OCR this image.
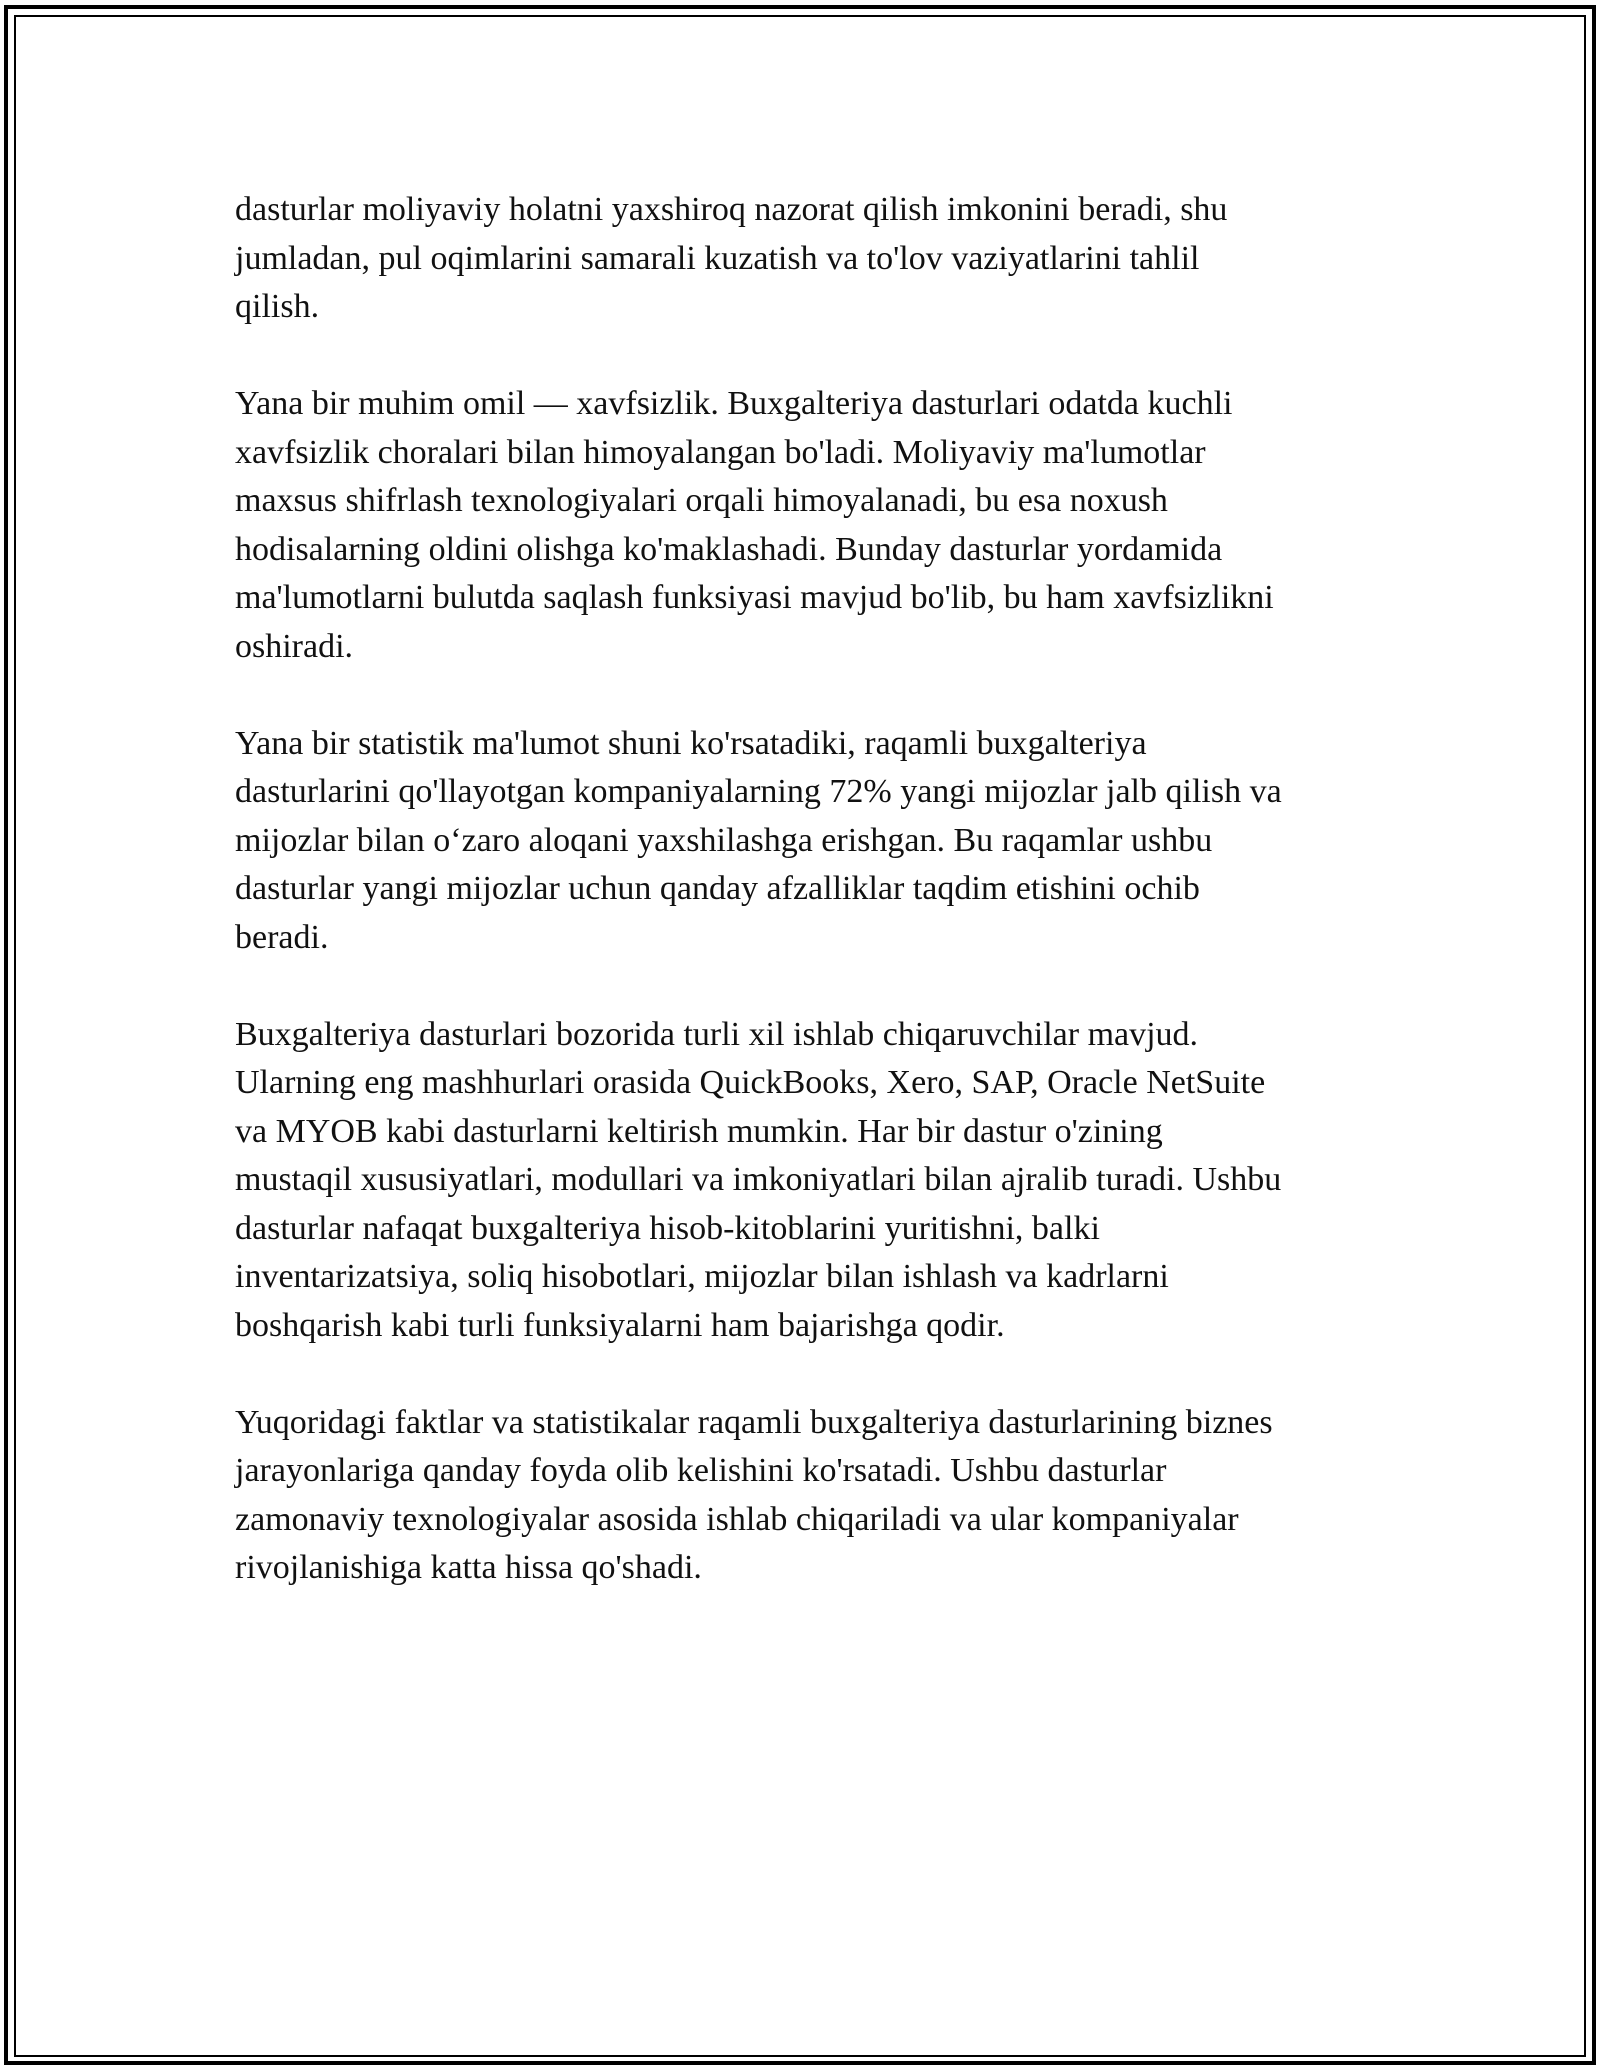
dasturlar moliyaviy holatni yaxshiroq nazorat qilish imkonini beradi, shu
jumladan, pul oqimlarini samarali kuzatish va to'lov vaziyatlarini tahlil
qilish.

Yana bir muhim omil — xavfsizlik. Buxgalteriya dasturlari odatda kuchli
xavfsizlik choralari bilan himoyalangan bo'ladi. Moliyaviy ma'lumotlar
maxsus shifrlash texnologiyalari orqali himoyalanadi, bu esa noxush
hodisalarning oldini olishga ko'maklashadi. Bunday dasturlar yordamida
ma'lumotlarni bulutda saqlash funksiyasi mavjud bo'lib, bu ham xavfsizlikni
oshiradi.

Yana bir statistik ma'lumot shuni ko'rsatadiki, raqamli buxgalteriya
dasturlarini qo'llayotgan kompaniyalarning 72% yangi mijozlar jalb qilish va
mijozlar bilan o‘zaro aloqani yaxshilashga erishgan. Bu raqamlar ushbu
dasturlar yangi mijozlar uchun qanday afzalliklar taqdim etishini ochib
beradi.

Buxgalteriya dasturlari bozorida turli xil ishlab chiqaruvchilar mavjud.
Ularning eng mashhurlari orasida QuickBooks, Xero, SAP, Oracle NetSuite
va MYOB kabi dasturlarni keltirish mumkin. Har bir dastur o'zining
mustaqil xususiyatlari, modullari va imkoniyatlari bilan ajralib turadi. Ushbu
dasturlar nafaqat buxgalteriya hisob-kitoblarini yuritishni, balki
inventarizatsiya, soliq hisobotlari, mijozlar bilan ishlash va kadrlarni
boshqarish kabi turli funksiyalarni ham bajarishga qodir.

Yuqoridagi faktlar va statistikalar raqamli buxgalteriya dasturlarining biznes
jarayonlariga qanday foyda olib kelishini ko'rsatadi. Ushbu dasturlar
zamonaviy texnologiyalar asosida ishlab chiqariladi va ular kompaniyalar
rivojlanishiga katta hissa qo'shadi.
